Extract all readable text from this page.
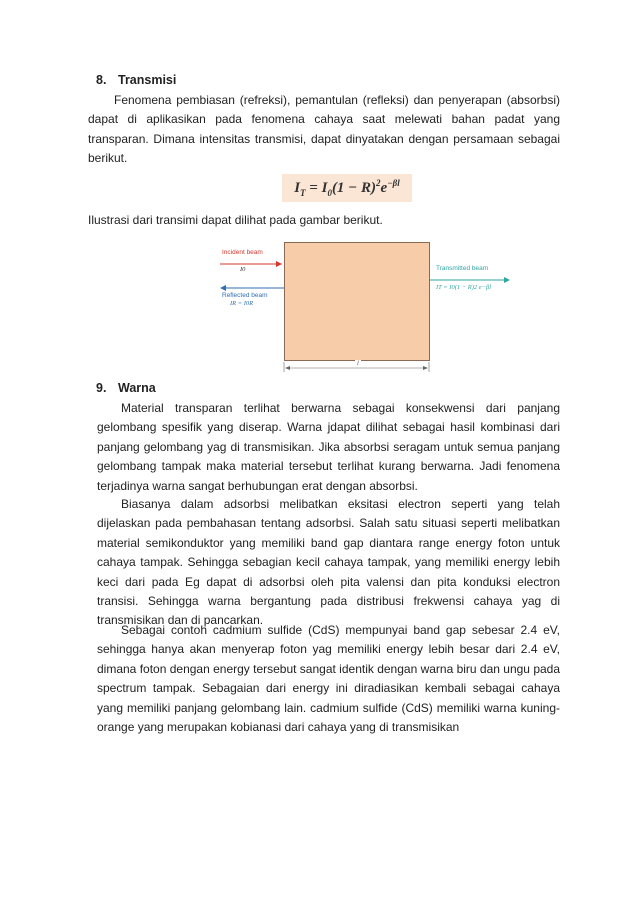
8. Transmisi

Fenomena pembiasan (refreksi), pemantulan (refleksi) dan penyerapan (absorbsi) dapat di aplikasikan pada fenomena cahaya saat melewati bahan padat yang transparan. Dimana intensitas transmisi, dapat dinyatakan dengan persamaan sebagai berikut.

$I_T = I_0(1 - R)^2e^{-\beta l}$

Ilustrasi dari transimi dapat dilihat pada gambar berikut.

Incident beam
I0
Reflected beam
IR = I0R
Transmitted beam
IT = I0(1 − R)2 e−βl
l
9. Warna

Material transparan terlihat berwarna sebagai konsekwensi dari panjang gelombang spesifik yang diserap. Warna jdapat dilihat sebagai hasil kombinasi dari panjang gelombang yag di transmisikan. Jika absorbsi seragam untuk semua panjang gelombang tampak maka material tersebut terlihat kurang berwarna. Jadi fenomena terjadinya warna sangat berhubungan erat dengan absorbsi.

Biasanya dalam adsorbsi melibatkan eksitasi electron seperti yang telah dijelaskan pada pembahasan tentang adsorbsi. Salah satu situasi seperti melibatkan material semikonduktor yang memiliki band gap diantara range energy foton untuk cahaya tampak. Sehingga sebagian kecil cahaya tampak, yang memiliki energy lebih keci dari pada Eg dapat di adsorbsi oleh pita valensi dan pita konduksi electron transisi. Sehingga warna bergantung pada distribusi frekwensi cahaya yag di transmisikan dan di pancarkan.

Sebagai contoh cadmium sulfide (CdS) mempunyai band gap sebesar 2.4 eV, sehingga hanya akan menyerap foton yag memiliki energy lebih besar dari 2.4 eV, dimana foton dengan energy tersebut sangat identik dengan warna biru dan ungu pada spectrum tampak. Sebagaian dari energy ini diradiasikan kembali sebagai cahaya yang memiliki panjang gelombang lain. cadmium sulfide (CdS) memiliki warna kuning-orange yang merupakan kobianasi dari cahaya yang di transmisikan
